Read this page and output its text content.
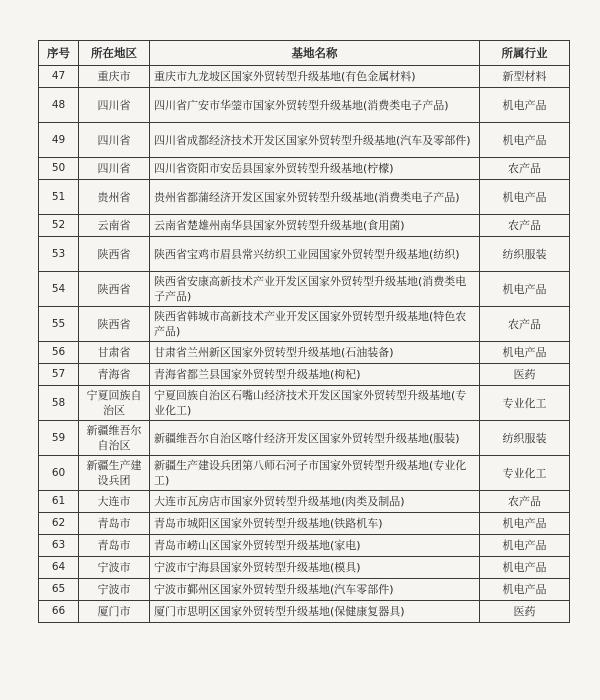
序号	所在地区	基地名称	所属行业
47	重庆市	重庆市九龙坡区国家外贸转型升级基地(有色金属材料)	新型材料
48	四川省	四川省广安市华蓥市国家外贸转型升级基地(消费类电子产品)	机电产品
49	四川省	四川省成都经济技术开发区国家外贸转型升级基地(汽车及零部件)	机电产品
50	四川省	四川省资阳市安岳县国家外贸转型升级基地(柠檬)	农产品
51	贵州省	贵州省都蒲经济开发区国家外贸转型升级基地(消费类电子产品)	机电产品
52	云南省	云南省楚雄州南华县国家外贸转型升级基地(食用菌)	农产品
53	陕西省	陕西省宝鸡市眉县常兴纺织工业园国家外贸转型升级基地(纺织)	纺织服装
54	陕西省	陕西省安康高新技术产业开发区国家外贸转型升级基地(消费类电子产品)	机电产品
55	陕西省	陕西省韩城市高新技术产业开发区国家外贸转型升级基地(特色农产品)	农产品
56	甘肃省	甘肃省兰州新区国家外贸转型升级基地(石油装备)	机电产品
57	青海省	青海省都兰县国家外贸转型升级基地(枸杞)	医药
58	宁夏回族自治区	宁夏回族自治区石嘴山经济技术开发区国家外贸转型升级基地(专业化工)	专业化工
59	新疆维吾尔自治区	新疆维吾尔自治区喀什经济开发区国家外贸转型升级基地(服装)	纺织服装
60	新疆生产建设兵团	新疆生产建设兵团第八师石河子市国家外贸转型升级基地(专业化工)	专业化工
61	大连市	大连市瓦房店市国家外贸转型升级基地(肉类及制品)	农产品
62	青岛市	青岛市城阳区国家外贸转型升级基地(铁路机车)	机电产品
63	青岛市	青岛市崂山区国家外贸转型升级基地(家电)	机电产品
64	宁波市	宁波市宁海县国家外贸转型升级基地(模具)	机电产品
65	宁波市	宁波市鄞州区国家外贸转型升级基地(汽车零部件)	机电产品
66	厦门市	厦门市思明区国家外贸转型升级基地(保健康复器具)	医药
